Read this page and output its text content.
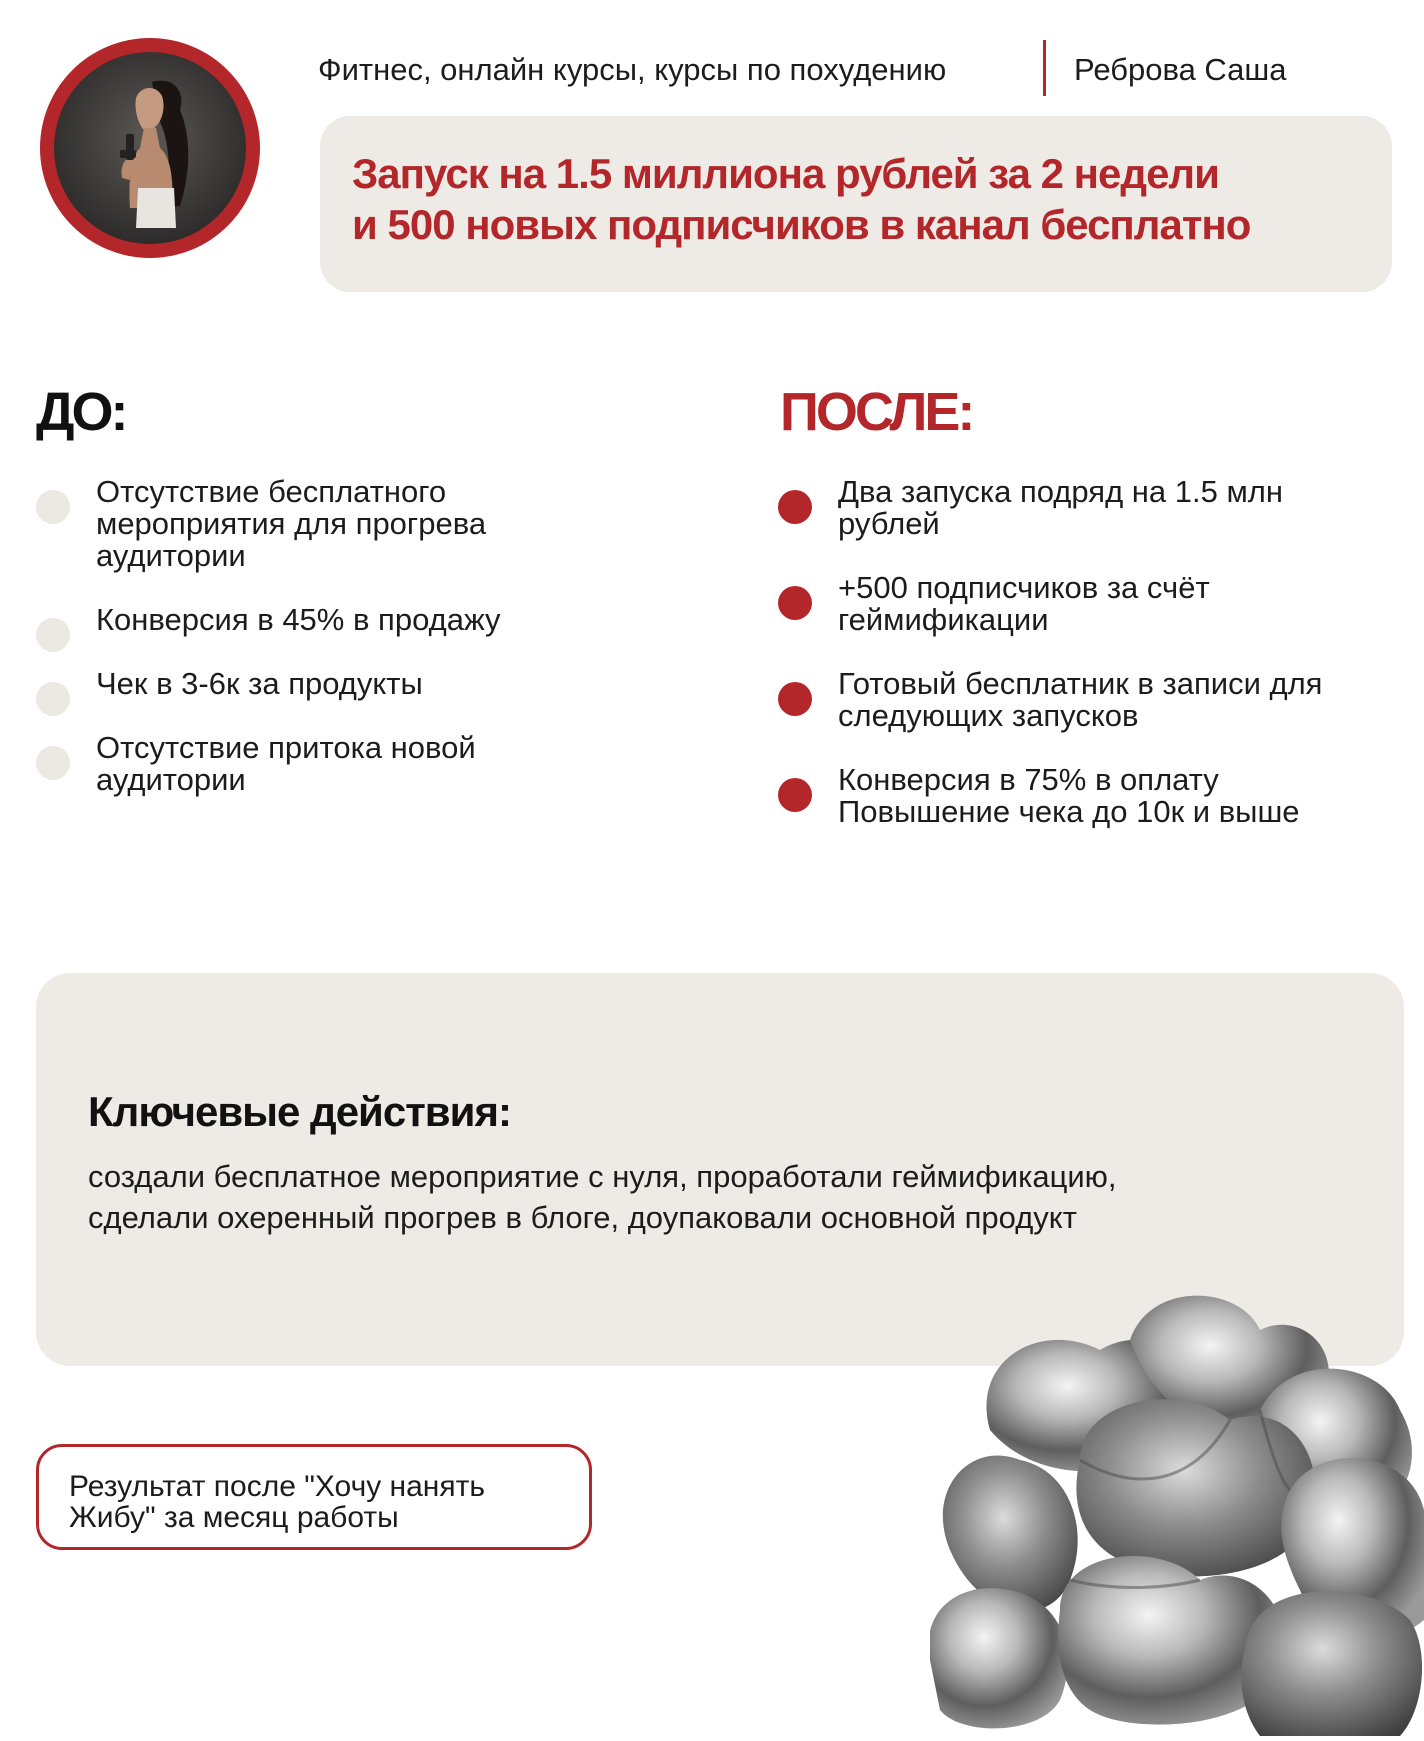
Фитнес, онлайн курсы, курсы по похудению	Реброва Саша
Запуск на 1.5 миллиона рублей за 2 недели
и 500 новых подписчиков в канал бесплатно
ДО:
Отсутствие бесплатного
мероприятия для прогрева
аудитории
Конверсия в 45% в продажу
Чек в 3-6к за продукты
Отсутствие притока новой
аудитории
ПОСЛЕ:
Два запуска подряд на 1.5 млн
рублей
+500 подписчиков за счёт
геймификации
Готовый бесплатник в записи для
следующих запусков
Конверсия в 75% в оплату
Повышение чека до 10к и выше
Ключевые действия:

создали бесплатное мероприятие с нуля, проработали геймификацию,
сделали охеренный прогрев в блоге, доупаковали основной продукт

Результат после "Хочу нанять
Жибу" за месяц работы
